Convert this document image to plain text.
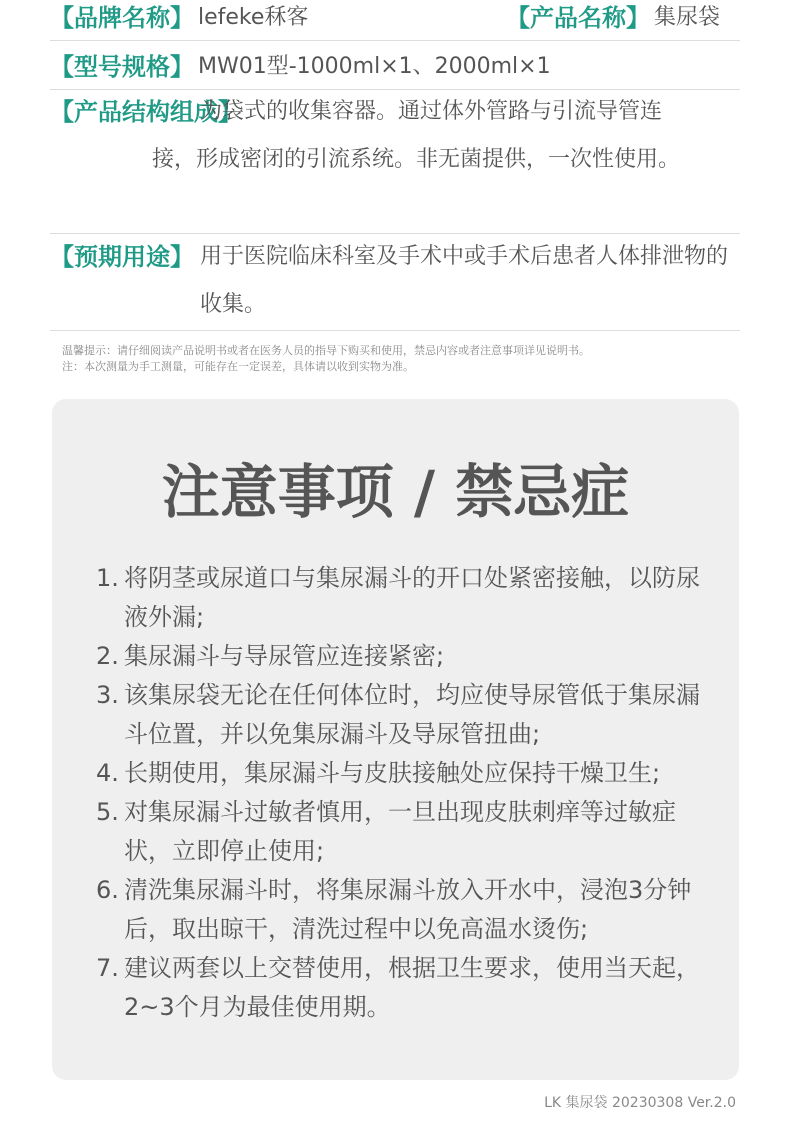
【品牌名称】 lefeke秝客	【产品名称】 集尿袋
【型号规格】 MW01型-1000ml×1、2000ml×1
【产品结构组成】
为袋式的收集容器。通过体外管路与引流导管连接，形成密闭的引流系统。非无菌提供，一次性使用。
【预期用途】 用于医院临床科室及手术中或手术后患者人体排泄物的收集。
温馨提示：请仔细阅读产品说明书或者在医务人员的指导下购买和使用，禁忌内容或者注意事项详见说明书。
注：本次测量为手工测量，可能存在一定误差，具体请以收到实物为准。
注意事项 / 禁忌症
1. 将阴茎或尿道口与集尿漏斗的开口处紧密接触，以防尿液外漏;
2. 集尿漏斗与导尿管应连接紧密;
3. 该集尿袋无论在任何体位时，均应使导尿管低于集尿漏斗位置，并以免集尿漏斗及导尿管扭曲;
4. 长期使用，集尿漏斗与皮肤接触处应保持干燥卫生;
5. 对集尿漏斗过敏者慎用，一旦出现皮肤刺痒等过敏症状，立即停止使用;
6. 清洗集尿漏斗时，将集尿漏斗放入开水中，浸泡3分钟后，取出晾干，清洗过程中以免高温水烫伤;
7. 建议两套以上交替使用，根据卫生要求，使用当天起，2~3个月为最佳使用期。
LK 集尿袋 20230308 Ver.2.0
